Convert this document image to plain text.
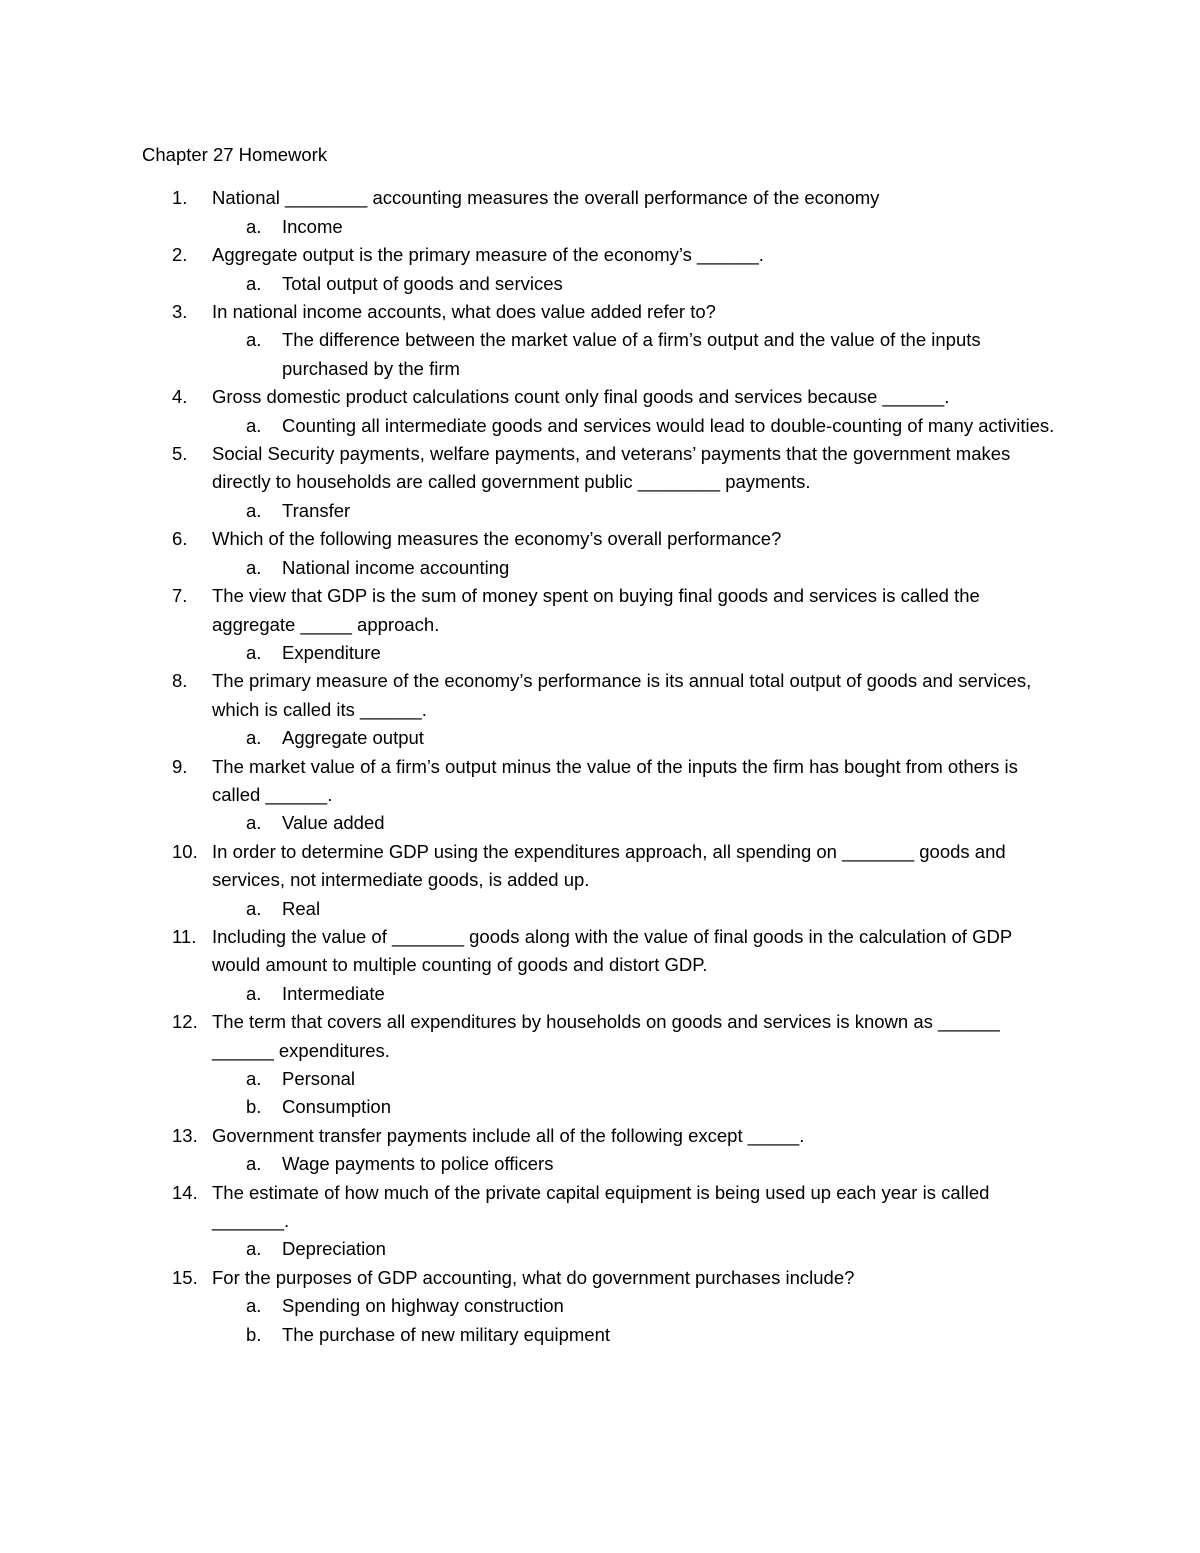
Chapter 27 Homework
1.	National ________ accounting measures the overall performance of the economy
a.	Income
2.	Aggregate output is the primary measure of the economy’s ______.
a.	Total output of goods and services
3.	In national income accounts, what does value added refer to?
a.	The difference between the market value of a firm’s output and the value of the inputs purchased by the firm
4.	Gross domestic product calculations count only final goods and services because ______.
a.	Counting all intermediate goods and services would lead to double-counting of many activities.
5.	Social Security payments, welfare payments, and veterans’ payments that the government makes directly to households are called government public ________ payments.
a.	Transfer
6.	Which of the following measures the economy’s overall performance?
a.	National income accounting
7.	The view that GDP is the sum of money spent on buying final goods and services is called the aggregate _____ approach.
a.	Expenditure
8.	The primary measure of the economy’s performance is its annual total output of goods and services, which is called its ______.
a.	Aggregate output
9.	The market value of a firm’s output minus the value of the inputs the firm has bought from others is called ______.
a.	Value added
10. In order to determine GDP using the expenditures approach, all spending on _______ goods and services, not intermediate goods, is added up.
a.	Real
11. Including the value of _______ goods along with the value of final goods in the calculation of GDP would amount to multiple counting of goods and distort GDP.
a.	Intermediate
12. The term that covers all expenditures by households on goods and services is known as ______ ______ expenditures.
a.	Personal
b.	Consumption
13. Government transfer payments include all of the following except _____.
a.	Wage payments to police officers
14. The estimate of how much of the private capital equipment is being used up each year is called _______.
a.	Depreciation
15. For the purposes of GDP accounting, what do government purchases include?
a.	Spending on highway construction
b.	The purchase of new military equipment
